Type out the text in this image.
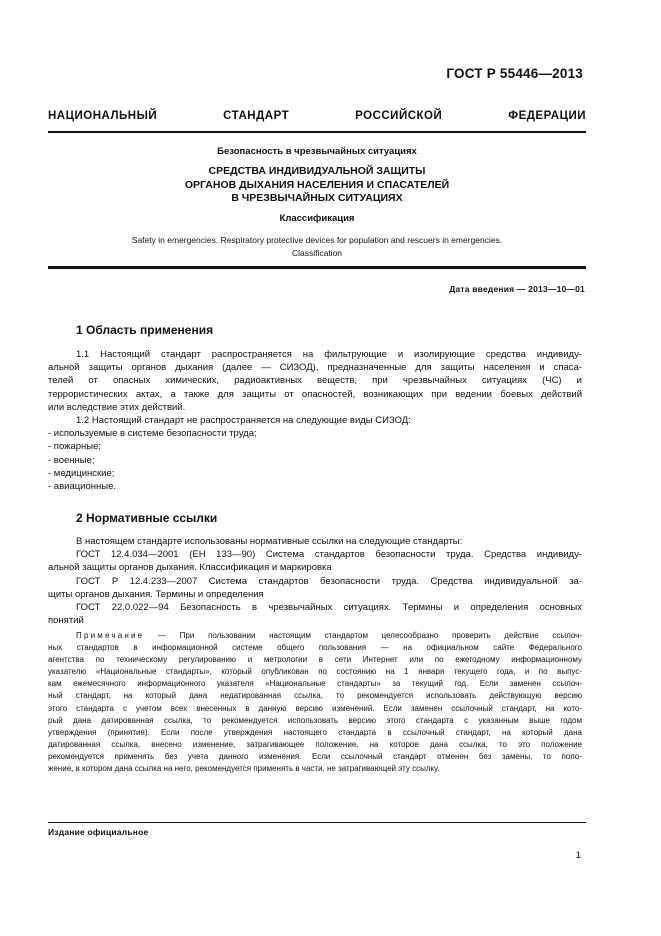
ГОСТ Р 55446—2013
НАЦИОНАЛЬНЫЙ СТАНДАРТ РОССИЙСКОЙ ФЕДЕРАЦИИ
Безопасность в чрезвычайных ситуациях
СРЕДСТВА ИНДИВИДУАЛЬНОЙ ЗАЩИТЫ
ОРГАНОВ ДЫХАНИЯ НАСЕЛЕНИЯ И СПАСАТЕЛЕЙ
В ЧРЕЗВЫЧАЙНЫХ СИТУАЦИЯХ
Классификация
Safety in emergencies. Respiratory protective devices for population and rescuers in emergencies.
Classification
Дата введения — 2013—10—01
1 Область применения
1.1 Настоящий стандарт распространяется на фильтрующие и изолирующие средства индивиду-
альной защиты органов дыхания (далее — СИЗОД), предназначенные для защиты населения и спаса-
телей от опасных химических, радиоактивных веществ, при чрезвычайных ситуациях (ЧС) и
террористических актах, а также для защиты от опасностей, возникающих при ведении боевых действий
или вследствие этих действий.
1.2 Настоящий стандарт не распространяется на следующие виды СИЗОД:
- используемые в системе безопасности труда;
- пожарные;
- военные;
- медицинские;
- авиационные.
2 Нормативные ссылки
В настоящем стандарте использованы нормативные ссылки на следующие стандарты:
ГОСТ 12.4.034—2001 (ЕН 133—90) Система стандартов безопасности труда. Средства индивиду-
альной защиты органов дыхания. Классификация и маркировка
ГОСТ Р 12.4.233—2007 Система стандартов безопасности труда. Средства индивидуальной за-
щиты органов дыхания. Термины и определения
ГОСТ 22.0.022—94 Безопасность в чрезвычайных ситуациях. Термины и определения основных
понятий
Примечание — При пользовании настоящим стандартом целесообразно проверить действие ссылоч-
ных стандартов в информационной системе общего пользования — на официальном сайте Федерального
агентства по техническому регулированию и метрологии в сети Интернет или по ежегодному информационному
указателю «Национальные стандарты», который опубликован по состоянию на 1 января текущего года, и по выпус-
кам ежемесячного информационного указателя «Национальные стандарты» за текущий год. Если заменен ссылоч-
ный стандарт, на который дана недатированная ссылка, то рекомендуется использовать действующую версию
этого стандарта с учетом всех внесенных в данную версию изменений. Если заменен ссылочный стандарт, на кото-
рый дана датированная ссылка, то рекомендуется использовать версию этого стандарта с указанным выше годом
утверждения (принятия). Если после утверждения настоящего стандарта в ссылочный стандарт, на который дана
датированная ссылка, внесено изменение, затрагивающее положение, на которое дана ссылка, то это положение
рекомендуется применять без учета данного изменения. Если ссылочный стандарт отменен без замены, то поло-
жение, в котором дана ссылка на него, рекомендуется применять в части, не затрагивающей эту ссылку.
Издание официальное
1
